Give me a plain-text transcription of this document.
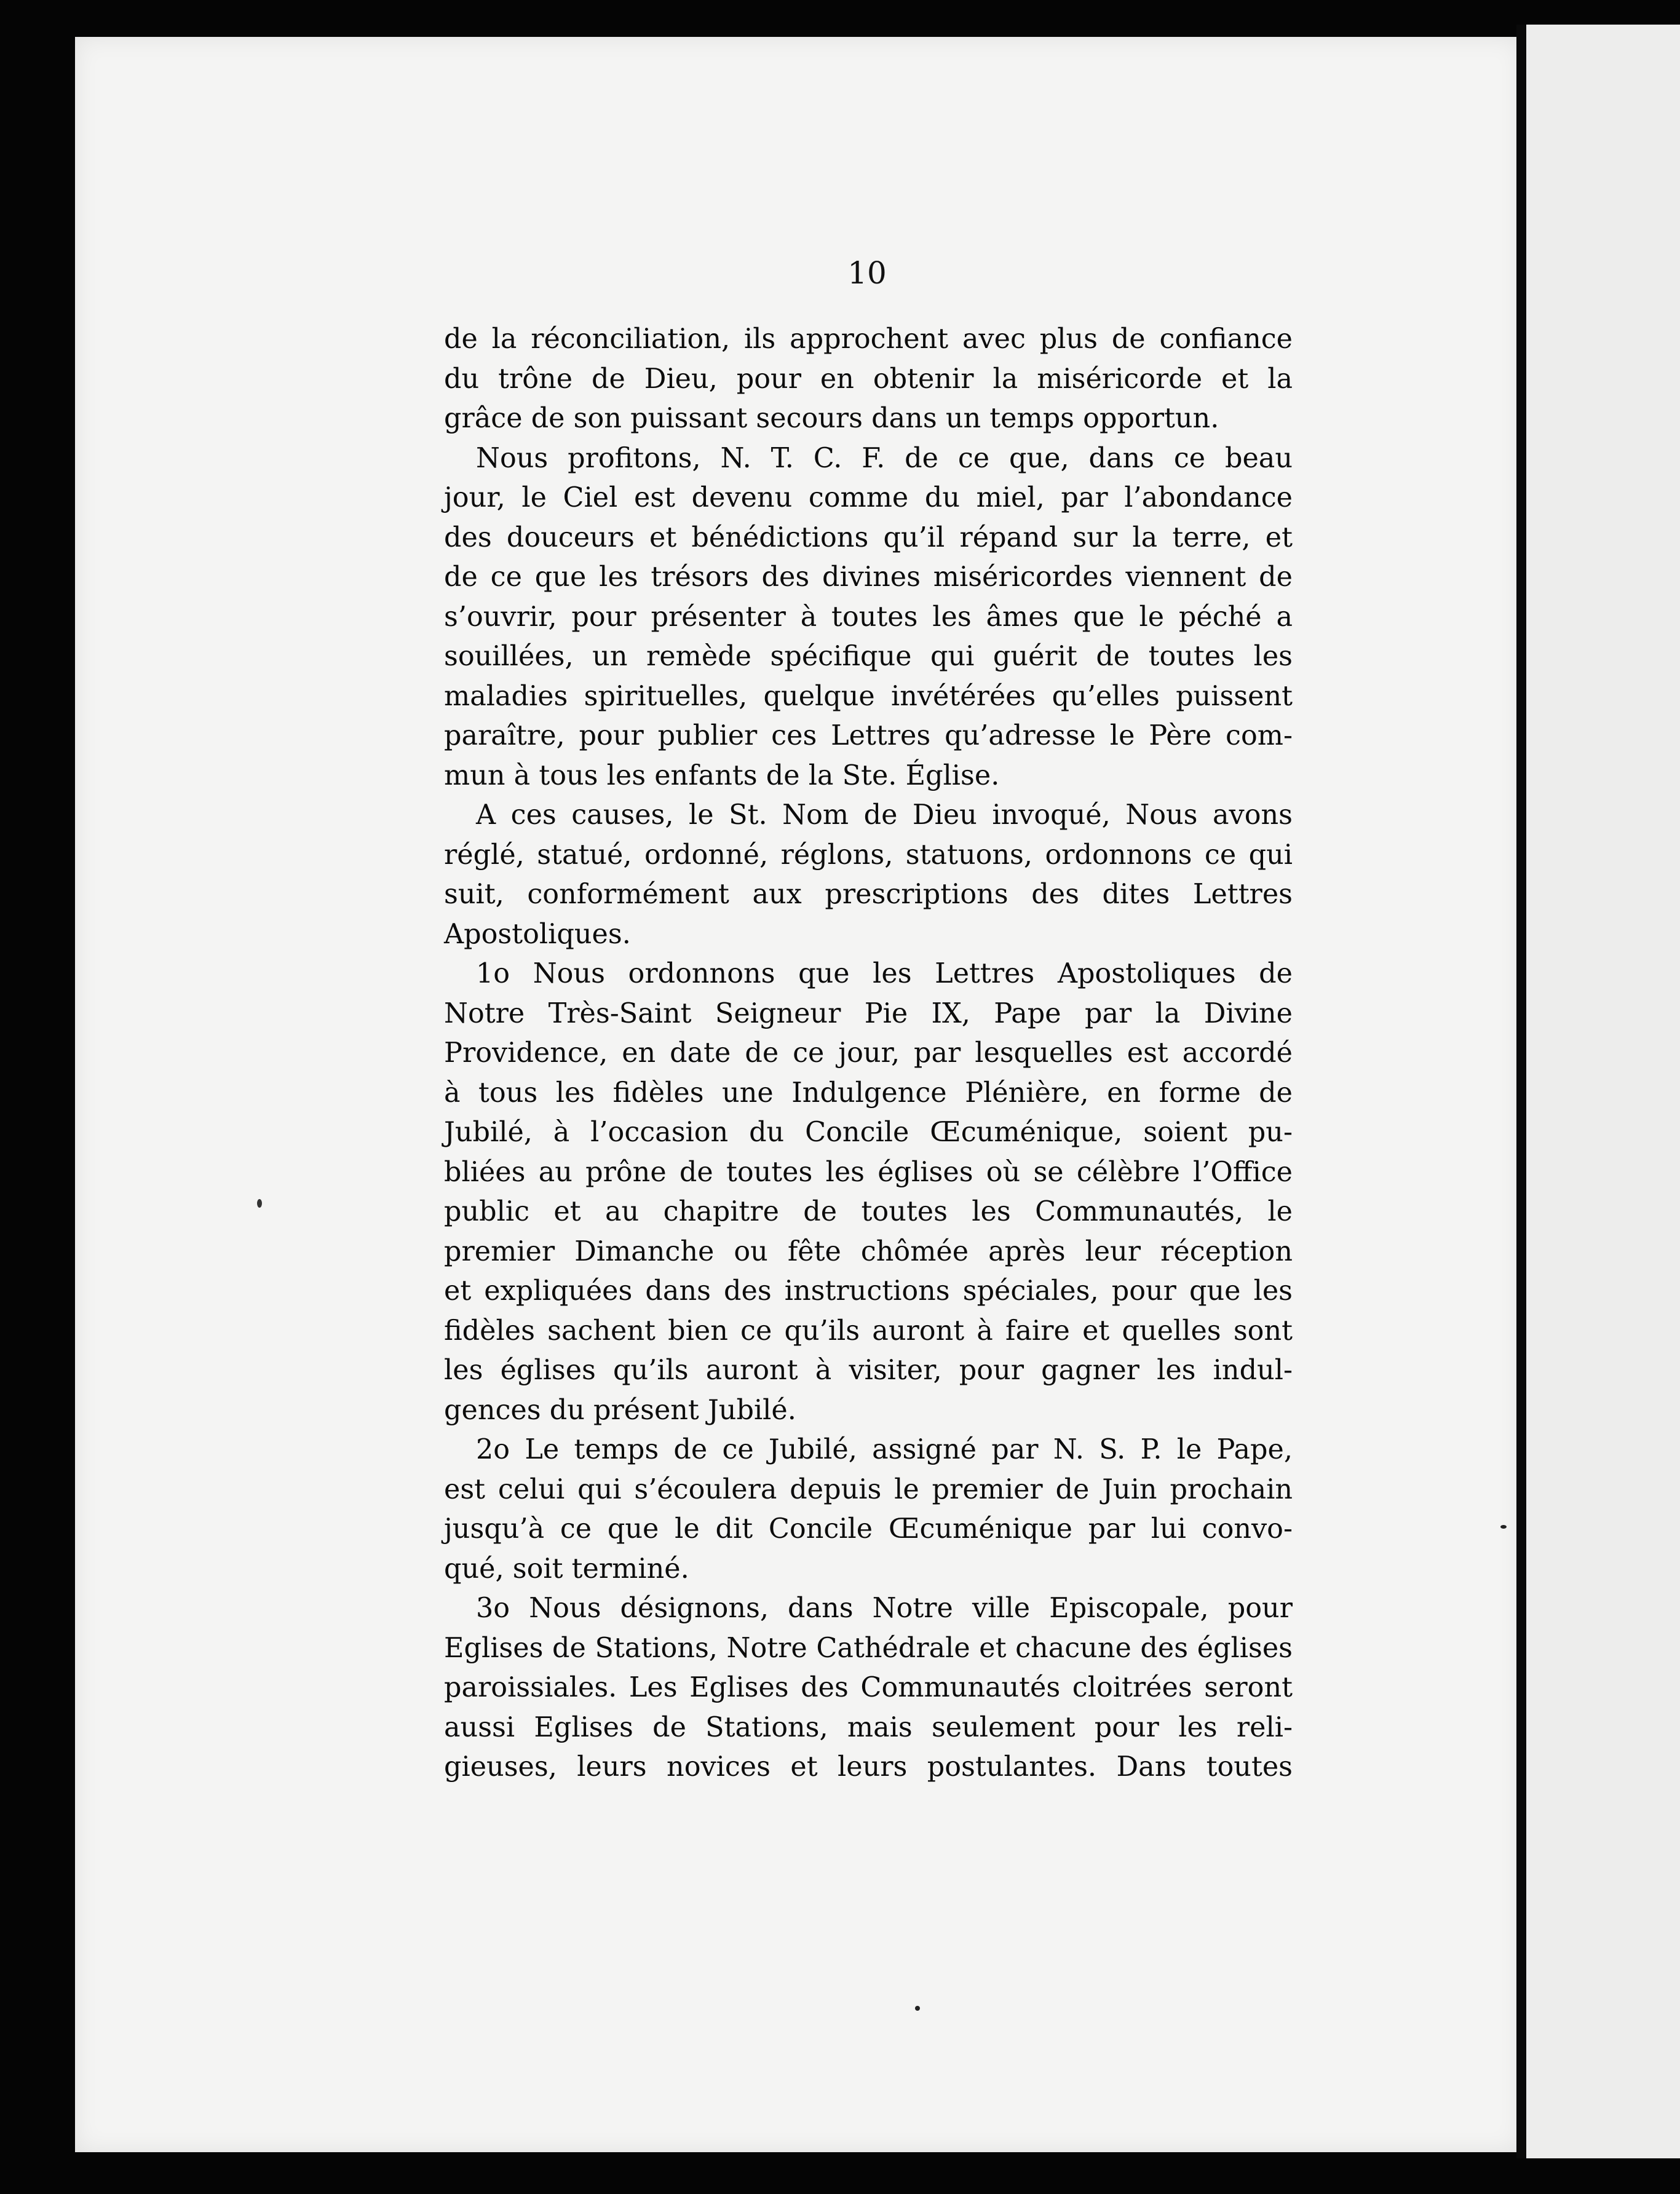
10

de la réconciliation, ils approchent avec plus de confiance

du trône de Dieu, pour en obtenir la miséricorde et la

grâce de son puissant secours dans un temps opportun.

Nous profitons, N. T. C. F. de ce que, dans ce beau

jour, le Ciel est devenu comme du miel, par l’abondance

des douceurs et bénédictions qu’il répand sur la terre, et

de ce que les trésors des divines miséricordes viennent de

s’ouvrir, pour présenter à toutes les âmes que le péché a

souillées, un remède spécifique qui guérit de toutes les

maladies spirituelles, quelque invétérées qu’elles puissent

paraître, pour publier ces Lettres qu’adresse le Père com-

mun à tous les enfants de la Ste. Église.

A ces causes, le St. Nom de Dieu invoqué, Nous avons

réglé, statué, ordonné, réglons, statuons, ordonnons ce qui

suit, conformément aux prescriptions des dites Lettres

Apostoliques.

1o Nous ordonnons que les Lettres Apostoliques de

Notre Très-Saint Seigneur Pie IX, Pape par la Divine

Providence, en date de ce jour, par lesquelles est accordé

à tous les fidèles une Indulgence Plénière, en forme de

Jubilé, à l’occasion du Concile Œcuménique, soient pu-

bliées au prône de toutes les églises où se célèbre l’Office

public et au chapitre de toutes les Communautés, le

premier Dimanche ou fête chômée après leur réception

et expliquées dans des instructions spéciales, pour que les

fidèles sachent bien ce qu’ils auront à faire et quelles sont

les églises qu’ils auront à visiter, pour gagner les indul-

gences du présent Jubilé.

2o Le temps de ce Jubilé, assigné par N. S. P. le Pape,

est celui qui s’écoulera depuis le premier de Juin prochain

jusqu’à ce que le dit Concile Œcuménique par lui convo-

qué, soit terminé.

3o Nous désignons, dans Notre ville Episcopale, pour

Eglises de Stations, Notre Cathédrale et chacune des églises

paroissiales. Les Eglises des Communautés cloitrées seront

aussi Eglises de Stations, mais seulement pour les reli-

gieuses, leurs novices et leurs postulantes. Dans toutes
